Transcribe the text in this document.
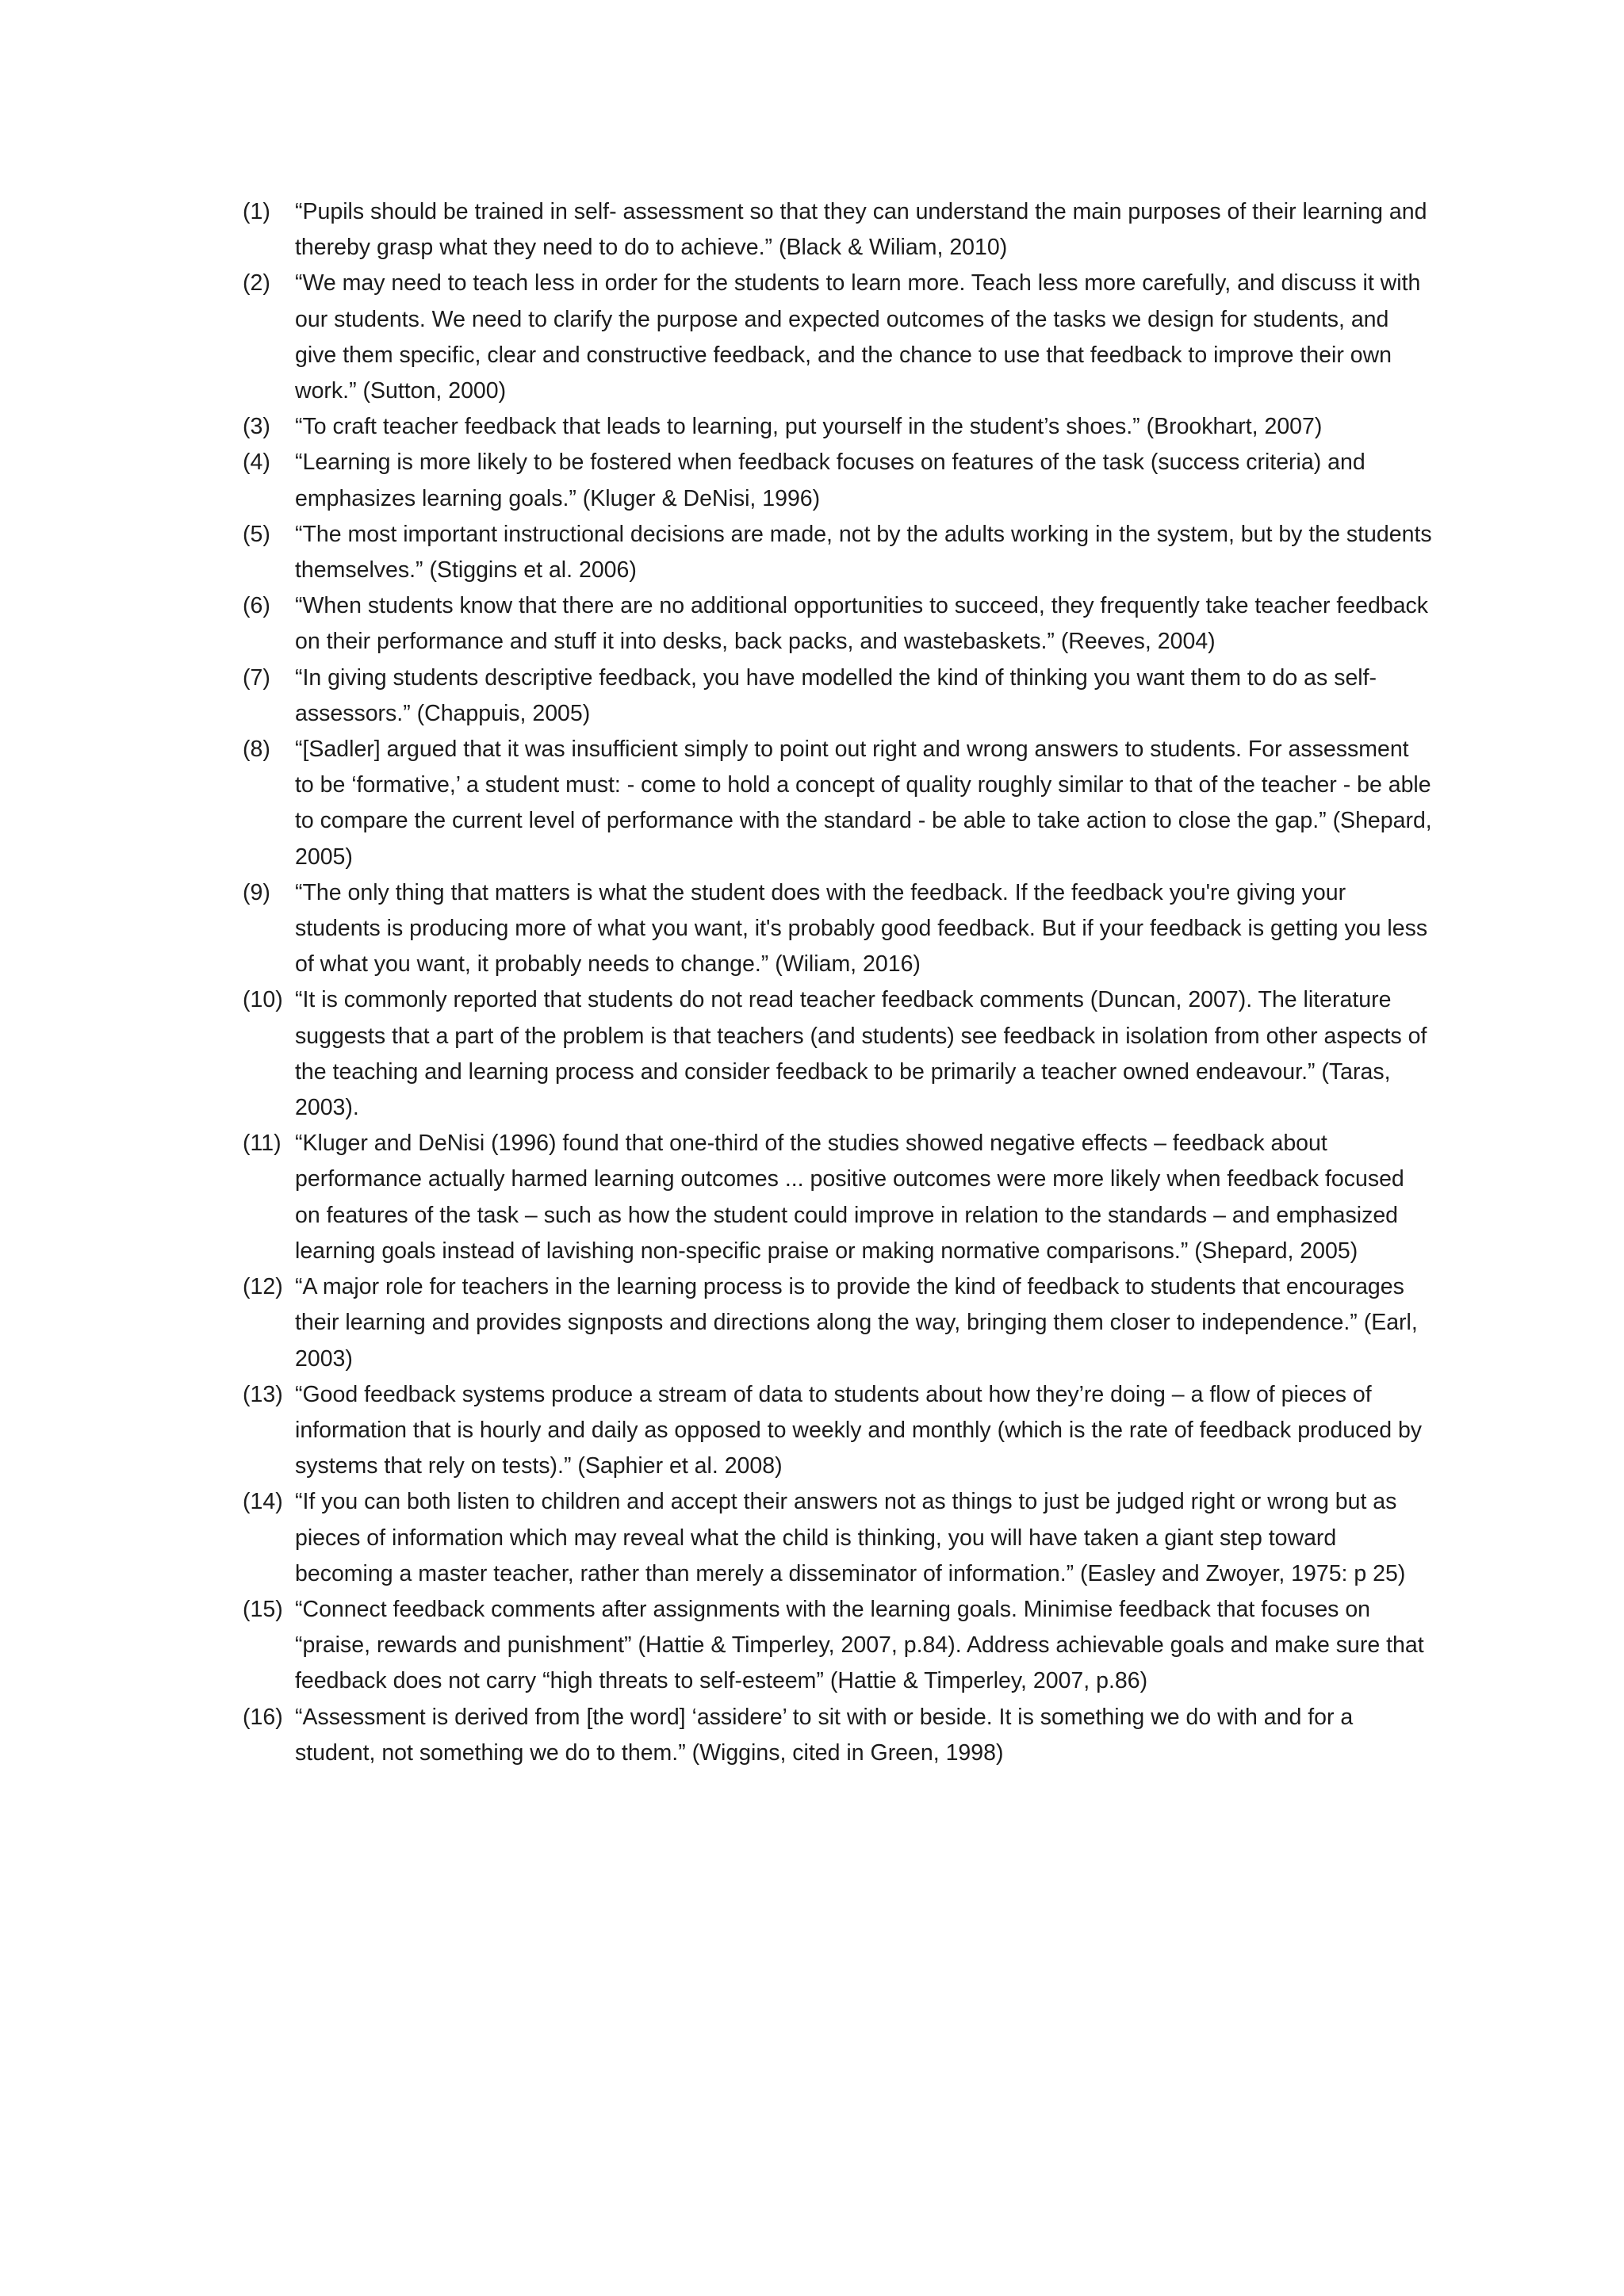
(1)	“Pupils should be trained in self- assessment so that they can understand the main purposes of their learning and thereby grasp what they need to do to achieve.” (Black & Wiliam, 2010)

(2)	“We may need to teach less in order for the students to learn more. Teach less more carefully, and discuss it with our students. We need to clarify the purpose and expected outcomes of the tasks we design for students, and give them specific, clear and constructive feedback, and the chance to use that feedback to improve their own work.” (Sutton, 2000)

(3)	“To craft teacher feedback that leads to learning, put yourself in the student’s shoes.” (Brookhart, 2007)

(4)	“Learning is more likely to be fostered when feedback focuses on features of the task (success criteria) and emphasizes learning goals.” (Kluger & DeNisi, 1996)

(5)	“The most important instructional decisions are made, not by the adults working in the system, but by the students themselves.” (Stiggins et al. 2006)

(6)	“When students know that there are no additional opportunities to succeed, they frequently take teacher feedback on their performance and stuff it into desks, back packs, and wastebaskets.” (Reeves, 2004)

(7)	“In giving students descriptive feedback, you have modelled the kind of thinking you want them to do as self-assessors.” (Chappuis, 2005)

(8)	“[Sadler] argued that it was insufficient simply to point out right and wrong answers to students. For assessment to be ‘formative,’ a student must: - come to hold a concept of quality roughly similar to that of the teacher - be able to compare the current level of performance with the standard - be able to take action to close the gap.” (Shepard, 2005)

(9)	“The only thing that matters is what the student does with the feedback. If the feedback you're giving your students is producing more of what you want, it's probably good feedback. But if your feedback is getting you less of what you want, it probably needs to change.” (Wiliam, 2016)

(10) “It is commonly reported that students do not read teacher feedback comments (Duncan, 2007). The literature suggests that a part of the problem is that teachers (and students) see feedback in isolation from other aspects of the teaching and learning process and consider feedback to be primarily a teacher owned endeavour.” (Taras, 2003).

(11) “Kluger and DeNisi (1996) found that one-third of the studies showed negative effects – feedback about performance actually harmed learning outcomes ... positive outcomes were more likely when feedback focused on features of the task – such as how the student could improve in relation to the standards – and emphasized learning goals instead of lavishing non-specific praise or making normative comparisons.” (Shepard, 2005)

(12) “A major role for teachers in the learning process is to provide the kind of feedback to students that encourages their learning and provides signposts and directions along the way, bringing them closer to independence.” (Earl, 2003)

(13) “Good feedback systems produce a stream of data to students about how they’re doing – a flow of pieces of information that is hourly and daily as opposed to weekly and monthly (which is the rate of feedback produced by systems that rely on tests).” (Saphier et al. 2008)

(14) “If you can both listen to children and accept their answers not as things to just be judged right or wrong but as pieces of information which may reveal what the child is thinking, you will have taken a giant step toward becoming a master teacher, rather than merely a disseminator of information.” (Easley and Zwoyer, 1975: p 25)

(15) “Connect feedback comments after assignments with the learning goals. Minimise feedback that focuses on “praise, rewards and punishment” (Hattie & Timperley, 2007, p.84). Address achievable goals and make sure that feedback does not carry “high threats to self-esteem” (Hattie & Timperley, 2007, p.86)

(16) “Assessment is derived from [the word] ‘assidere’ to sit with or beside. It is something we do with and for a student, not something we do to them.” (Wiggins, cited in Green, 1998)
